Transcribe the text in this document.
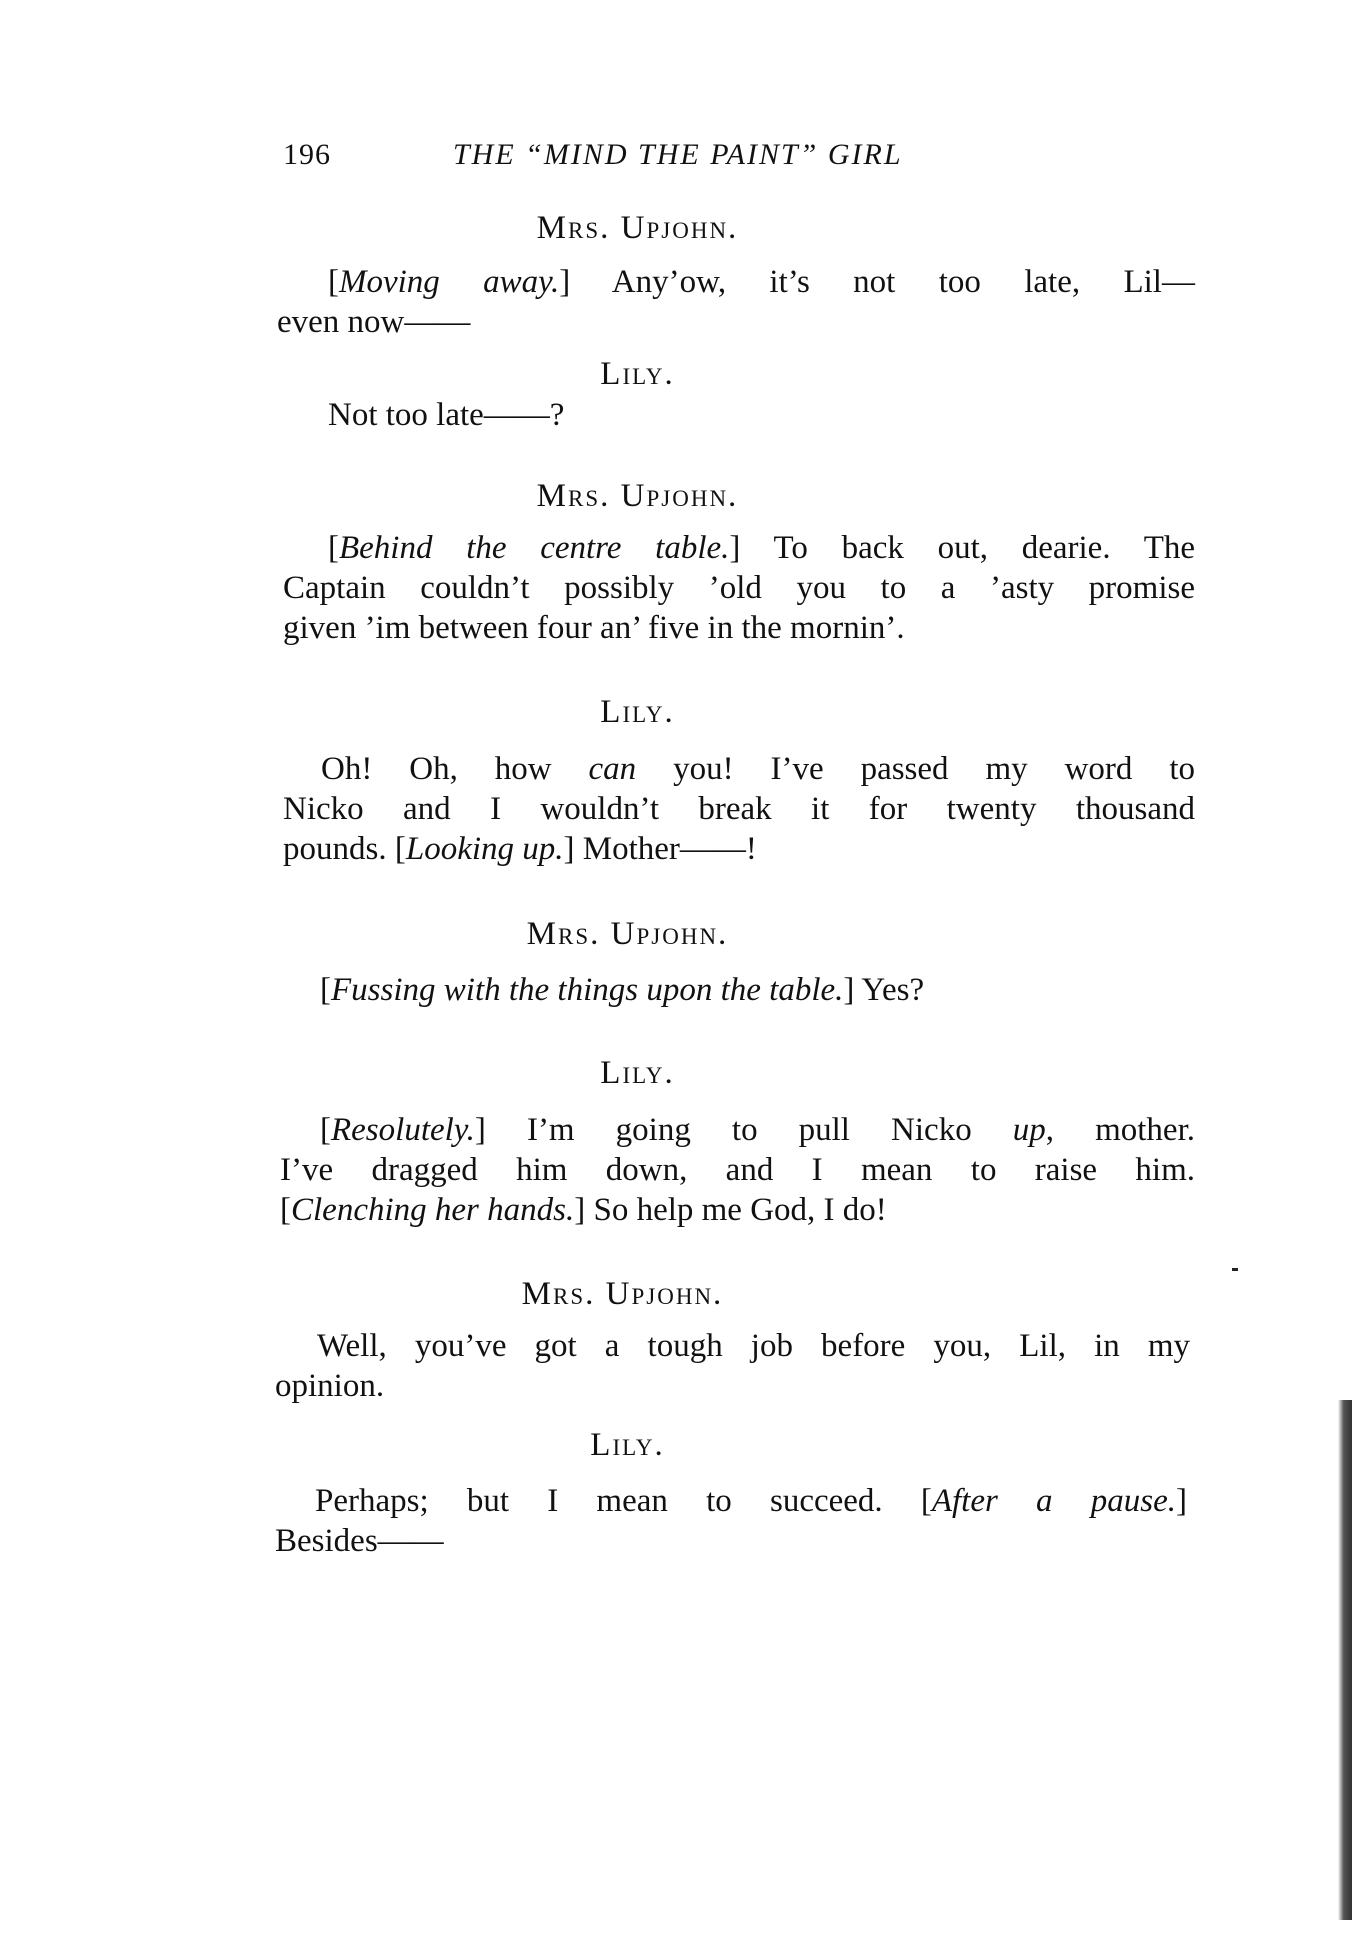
196	THE “MIND THE PAINT” GIRL
Mrs. Upjohn.
[Moving away.] Any’ow, it’s not too late, Lil—
even now——
Lily.
Not too late——?
Mrs. Upjohn.
[Behind the centre table.] To back out, dearie. The
Captain couldn’t possibly ’old you to a ’asty promise
given ’im between four an’ five in the mornin’.
Lily.
Oh! Oh, how can you! I’ve passed my word to
Nicko and I wouldn’t break it for twenty thousand
pounds. [Looking up.] Mother——!
Mrs. Upjohn.
[Fussing with the things upon the table.] Yes?
Lily.
[Resolutely.] I’m going to pull Nicko up, mother.
I’ve dragged him down, and I mean to raise him.
[Clenching her hands.] So help me God, I do!
Mrs. Upjohn.
Well, you’ve got a tough job before you, Lil, in my
opinion.
Lily.
Perhaps; but I mean to succeed. [After a pause.]
Besides——
